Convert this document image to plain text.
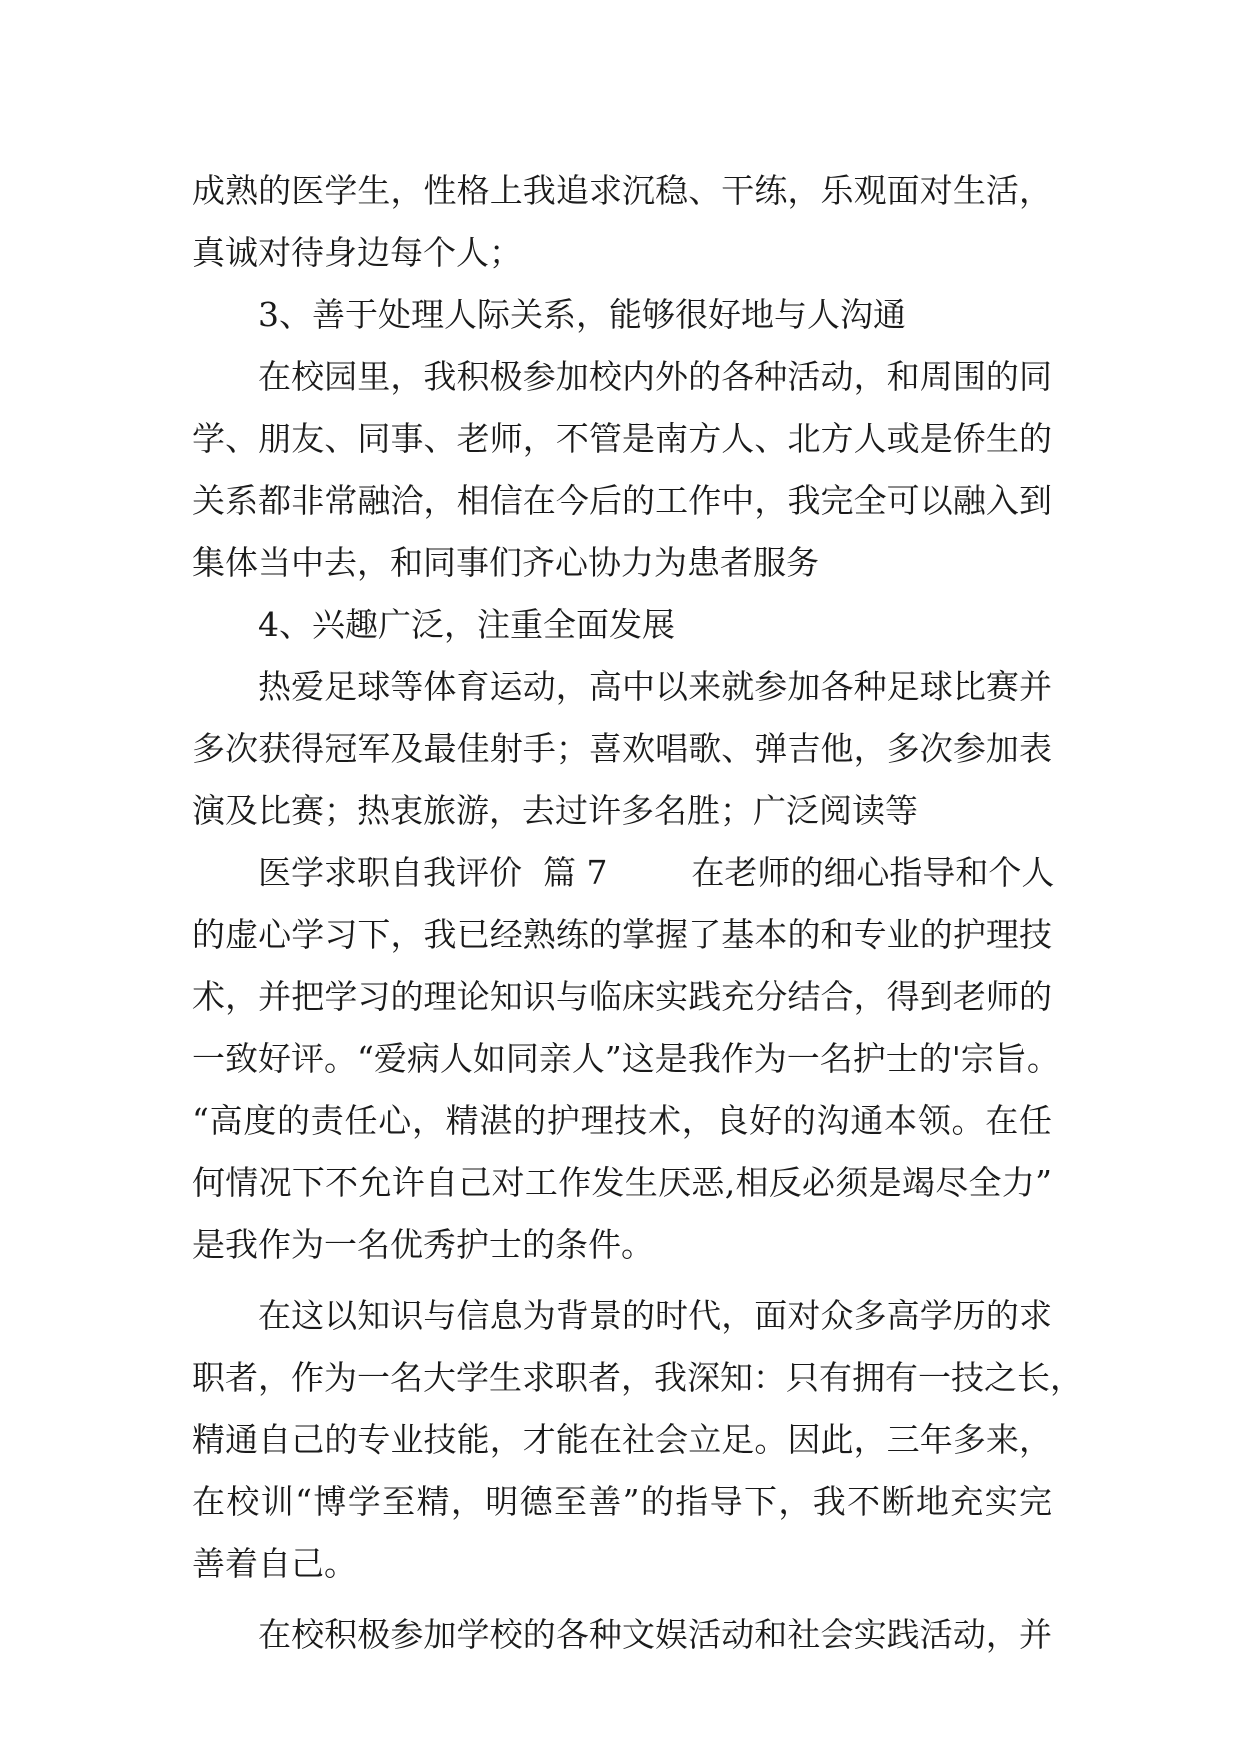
成熟的医学生，性格上我追求沉稳、干练，乐观面对生活，
真诚对待身边每个人；
3、善于处理人际关系，能够很好地与人沟通
在校园里，我积极参加校内外的各种活动，和周围的同
学、朋友、同事、老师，不管是南方人、北方人或是侨生的
关系都非常融洽，相信在今后的工作中，我完全可以融入到
集体当中去，和同事们齐心协力为患者服务
4、兴趣广泛，注重全面发展
热爱足球等体育运动，高中以来就参加各种足球比赛并
多次获得冠军及最佳射手；喜欢唱歌、弹吉他，多次参加表
演及比赛；热衷旅游，去过许多名胜；广泛阅读等
医学求职自我评价  篇 7        在老师的细心指导和个人
的虚心学习下，我已经熟练的掌握了基本的和专业的护理技
术，并把学习的理论知识与临床实践充分结合，得到老师的
一致好评。“爱病人如同亲人”这是我作为一名护士的'宗旨。
“高度的责任心，精湛的护理技术，良好的沟通本领。在任
何情况下不允许自己对工作发生厌恶,相反必须是竭尽全力”
是我作为一名优秀护士的条件。
在这以知识与信息为背景的时代，面对众多高学历的求
职者，作为一名大学生求职者，我深知：只有拥有一技之长，
精通自己的专业技能，才能在社会立足。因此，三年多来，
在校训“博学至精，明德至善”的指导下，我不断地充实完
善着自己。
在校积极参加学校的各种文娱活动和社会实践活动，并
